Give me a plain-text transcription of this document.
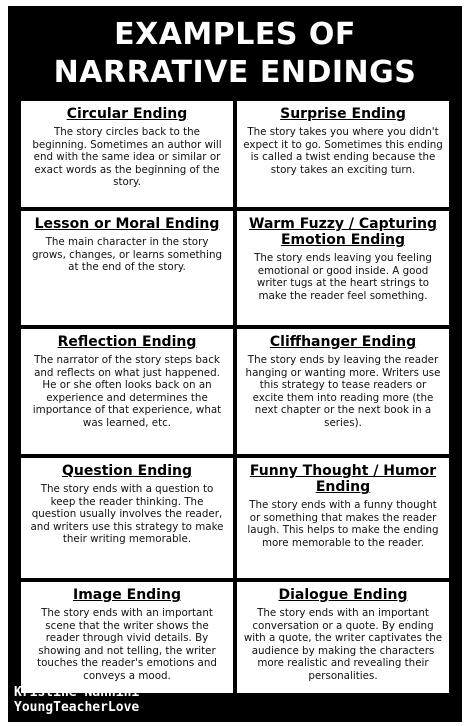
EXAMPLES OF
NARRATIVE ENDINGS
Circular Ending

The story circles back to the beginning. Sometimes an author will end with the same idea or similar or exact words as the beginning of the story.

Surprise Ending

The story takes you where you didn't expect it to go. Sometimes this ending is called a twist ending because the story takes an exciting turn.

Lesson or Moral Ending

The main character in the story grows, changes, or learns something at the end of the story.

Warm Fuzzy / Capturing Emotion Ending

The story ends leaving you feeling emotional or good inside. A good writer tugs at the heart strings to make the reader feel something.

Reflection Ending

The narrator of the story steps back and reflects on what just happened. He or she often looks back on an experience and determines the importance of that experience, what was learned, etc.

Cliffhanger Ending

The story ends by leaving the reader hanging or wanting more. Writers use this strategy to tease readers or excite them into reading more (the next chapter or the next book in a series).

Question Ending

The story ends with a question to keep the reader thinking. The question usually involves the reader, and writers use this strategy to make their writing memorable.

Funny Thought / Humor Ending

The story ends with a funny thought or something that makes the reader laugh. This helps to make the ending more memorable to the reader.

Image Ending

The story ends with an important scene that the writer shows the reader through vivid details. By showing and not telling, the writer touches the reader's emotions and conveys a mood.

Dialogue Ending

The story ends with an important conversation or a quote. By ending with a quote, the writer captivates the audience by making the characters more realistic and revealing their personalities.

Kristine Nannini
YoungTeacherLove
